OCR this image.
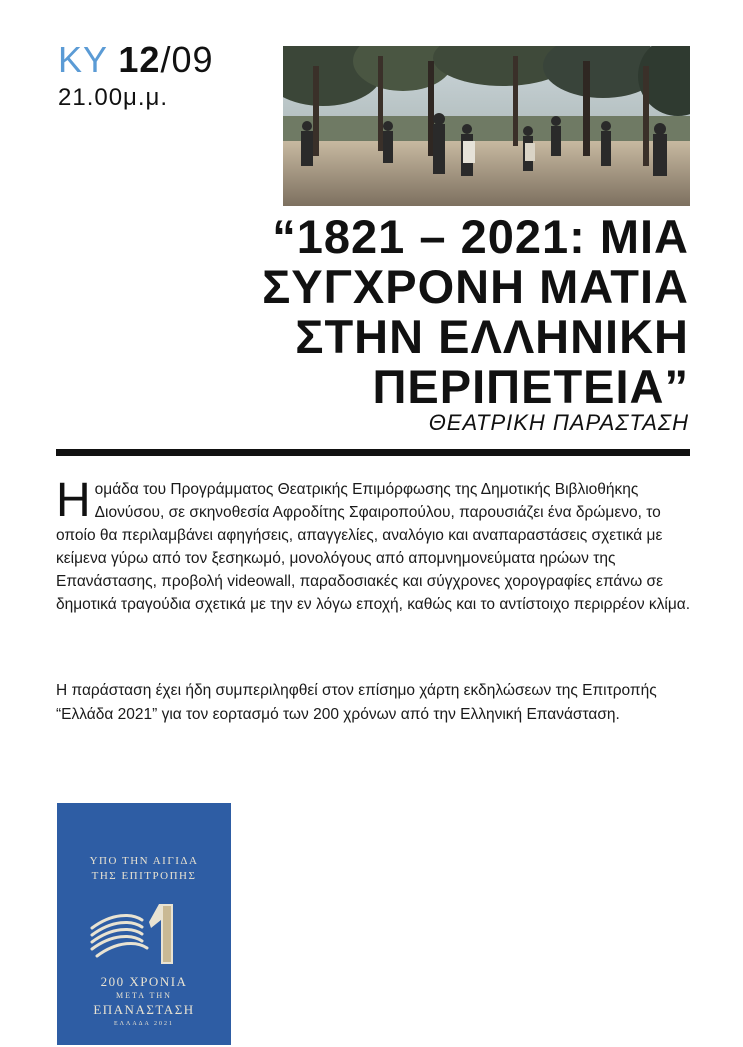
ΚΥ 12/09
21.00μ.μ.
“1821 – 2021: ΜΙΑ
ΣΥΓΧΡΟΝΗ ΜΑΤΙΑ
ΣΤΗΝ ΕΛΛΗΝΙΚΗ
ΠΕΡΙΠΕΤΕΙΑ”
ΘΕΑΤΡΙΚΗ ΠΑΡΑΣΤΑΣΗ
Ηομάδα του Προγράμματος Θεατρικής Επιμόρφωσης της Δημοτικής Βιβλιοθήκης Διονύσου, σε σκηνοθεσία Αφροδίτης Σφαιροπούλου, παρουσιάζει ένα δρώμενο, το οποίο θα περιλαμβάνει αφηγήσεις, απαγγελίες, αναλόγιο και αναπαραστάσεις σχετικά με κείμενα γύρω από τον ξεσηκωμό, μονολόγους από απομνημονεύματα ηρώων της Επανάστασης, προβολή videowall, παραδοσιακές και σύγχρονες χορογραφίες επάνω σε δημοτικά τραγούδια σχετικά με την εν λόγω εποχή, καθώς και το αντίστοιχο περιρρέον κλίμα.
Η παράσταση έχει ήδη συμπεριληφθεί στον επίσημο χάρτη εκδηλώσεων της Επιτροπής “Ελλάδα 2021” για τον εορτασμό των 200 χρόνων από την Ελληνική Επανάσταση.
ΥΠΟ ΤΗΝ ΑΙΓΙΔΑ
ΤΗΣ ΕΠΙΤΡΟΠΗΣ
200 ΧΡΟΝΙΑ
ΜΕΤΑ ΤΗΝ
ΕΠΑΝΑΣΤΑΣΗ
ΕΛΛΑΔΑ 2021
